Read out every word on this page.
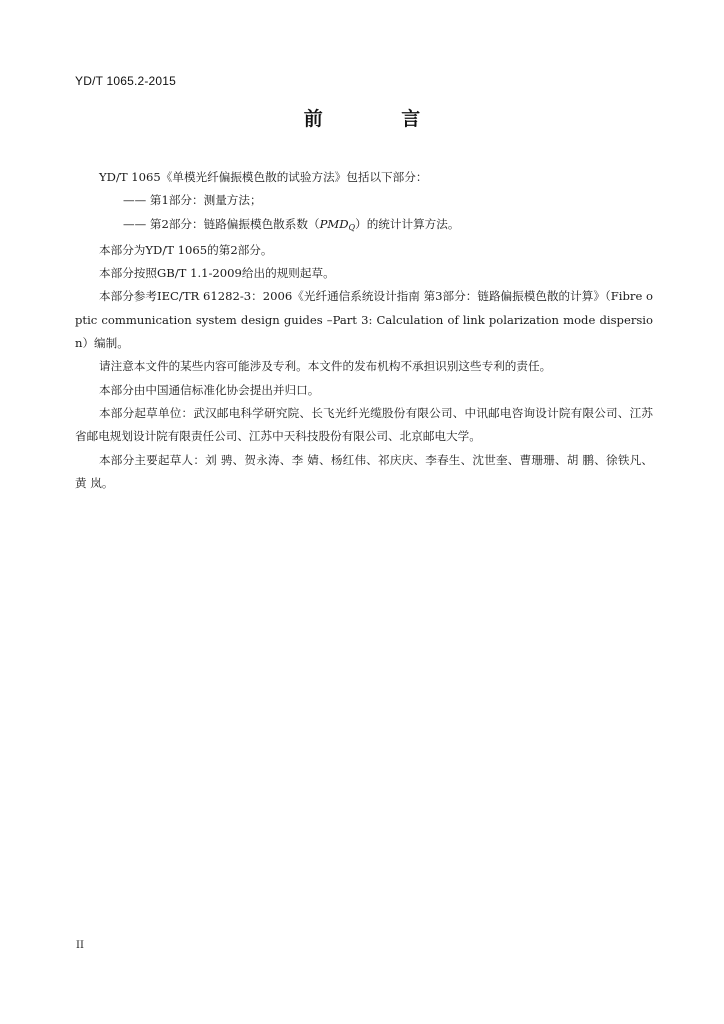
YD/T 1065.2-2015
前 言

YD/T 1065《单模光纤偏振模色散的试验方法》包括以下部分：

—— 第1部分：测量方法；

—— 第2部分：链路偏振模色散系数$(PMD_Q)$的统计计算方法。

本部分为YD/T 1065的第2部分。

本部分按照GB/T 1.1-2009给出的规则起草。

本部分参考IEC/TR 61282-3：2006《光纤通信系统设计指南 第3部分：链路偏振模色散的计算》（Fibre optic communication system design guides –Part 3: Calculation of link polarization mode dispersion）编制。

请注意本文件的某些内容可能涉及专利。本文件的发布机构不承担识别这些专利的责任。

本部分由中国通信标准化协会提出并归口。

本部分起草单位：武汉邮电科学研究院、长飞光纤光缆股份有限公司、中讯邮电咨询设计院有限公司、江苏省邮电规划设计院有限责任公司、江苏中天科技股份有限公司、北京邮电大学。

本部分主要起草人：刘 骋、贺永涛、李 婧、杨红伟、祁庆庆、李春生、沈世奎、曹珊珊、胡 鹏、徐铁凡、黄 岚。

II
